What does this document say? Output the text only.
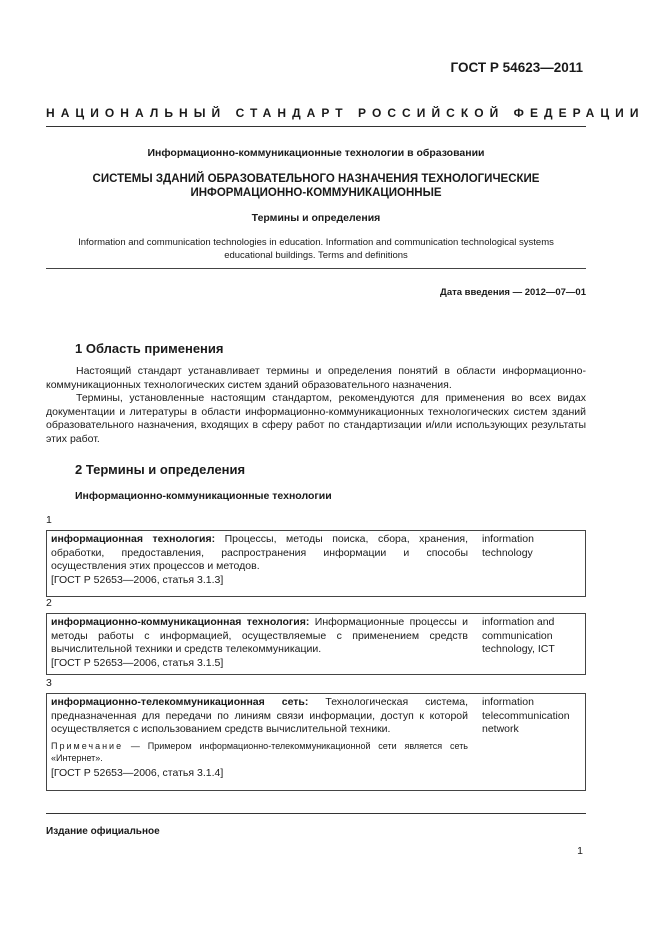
ГОСТ Р 54623—2011
НАЦИОНАЛЬНЫЙ СТАНДАРТ РОССИЙСКОЙ ФЕДЕРАЦИИ
Информационно-коммуникационные технологии в образовании
СИСТЕМЫ ЗДАНИЙ ОБРАЗОВАТЕЛЬНОГО НАЗНАЧЕНИЯ ТЕХНОЛОГИЧЕСКИЕ
ИНФОРМАЦИОННО-КОММУНИКАЦИОННЫЕ
Термины и определения
Information and communication technologies in education. Information and communication technological systems
educational buildings. Terms and definitions
Дата введения — 2012—07—01
1 Область применения

Настоящий стандарт устанавливает термины и определения понятий в области информационно-коммуникационных технологических систем зданий образовательного назначения.

Термины, установленные настоящим стандартом, рекомендуются для применения во всех видах документации и литературы в области информационно-коммуникационных технологических систем зданий образовательного назначения, входящих в сферу работ по стандартизации и/или использующих результаты этих работ.

2 Термины и определения
Информационно-коммуникационные технологии
1
информационная технология: Процессы, методы поиска, сбора, хранения, обработки, предоставления, распространения информации и способы осуществления этих процессов и методов.
[ГОСТ Р 52653—2006, статья 3.1.3]
information
technology
2
информационно-коммуникационная технология: Информационные процессы и методы работы с информацией, осуществляемые с применением средств вычислительной техники и средств телекоммуникации.
[ГОСТ Р 52653—2006, статья 3.1.5]
information and
communication
technology, ICT
3
информационно-телекоммуникационная сеть: Технологическая система, предназначенная для передачи по линиям связи информации, доступ к которой осуществляется с использованием средств вычислительной техники.
Примечание — Примером информационно-телекоммуникационной сети является сеть «Интернет».
[ГОСТ Р 52653—2006, статья 3.1.4]
information
telecommunication
network
Издание официальное
1
